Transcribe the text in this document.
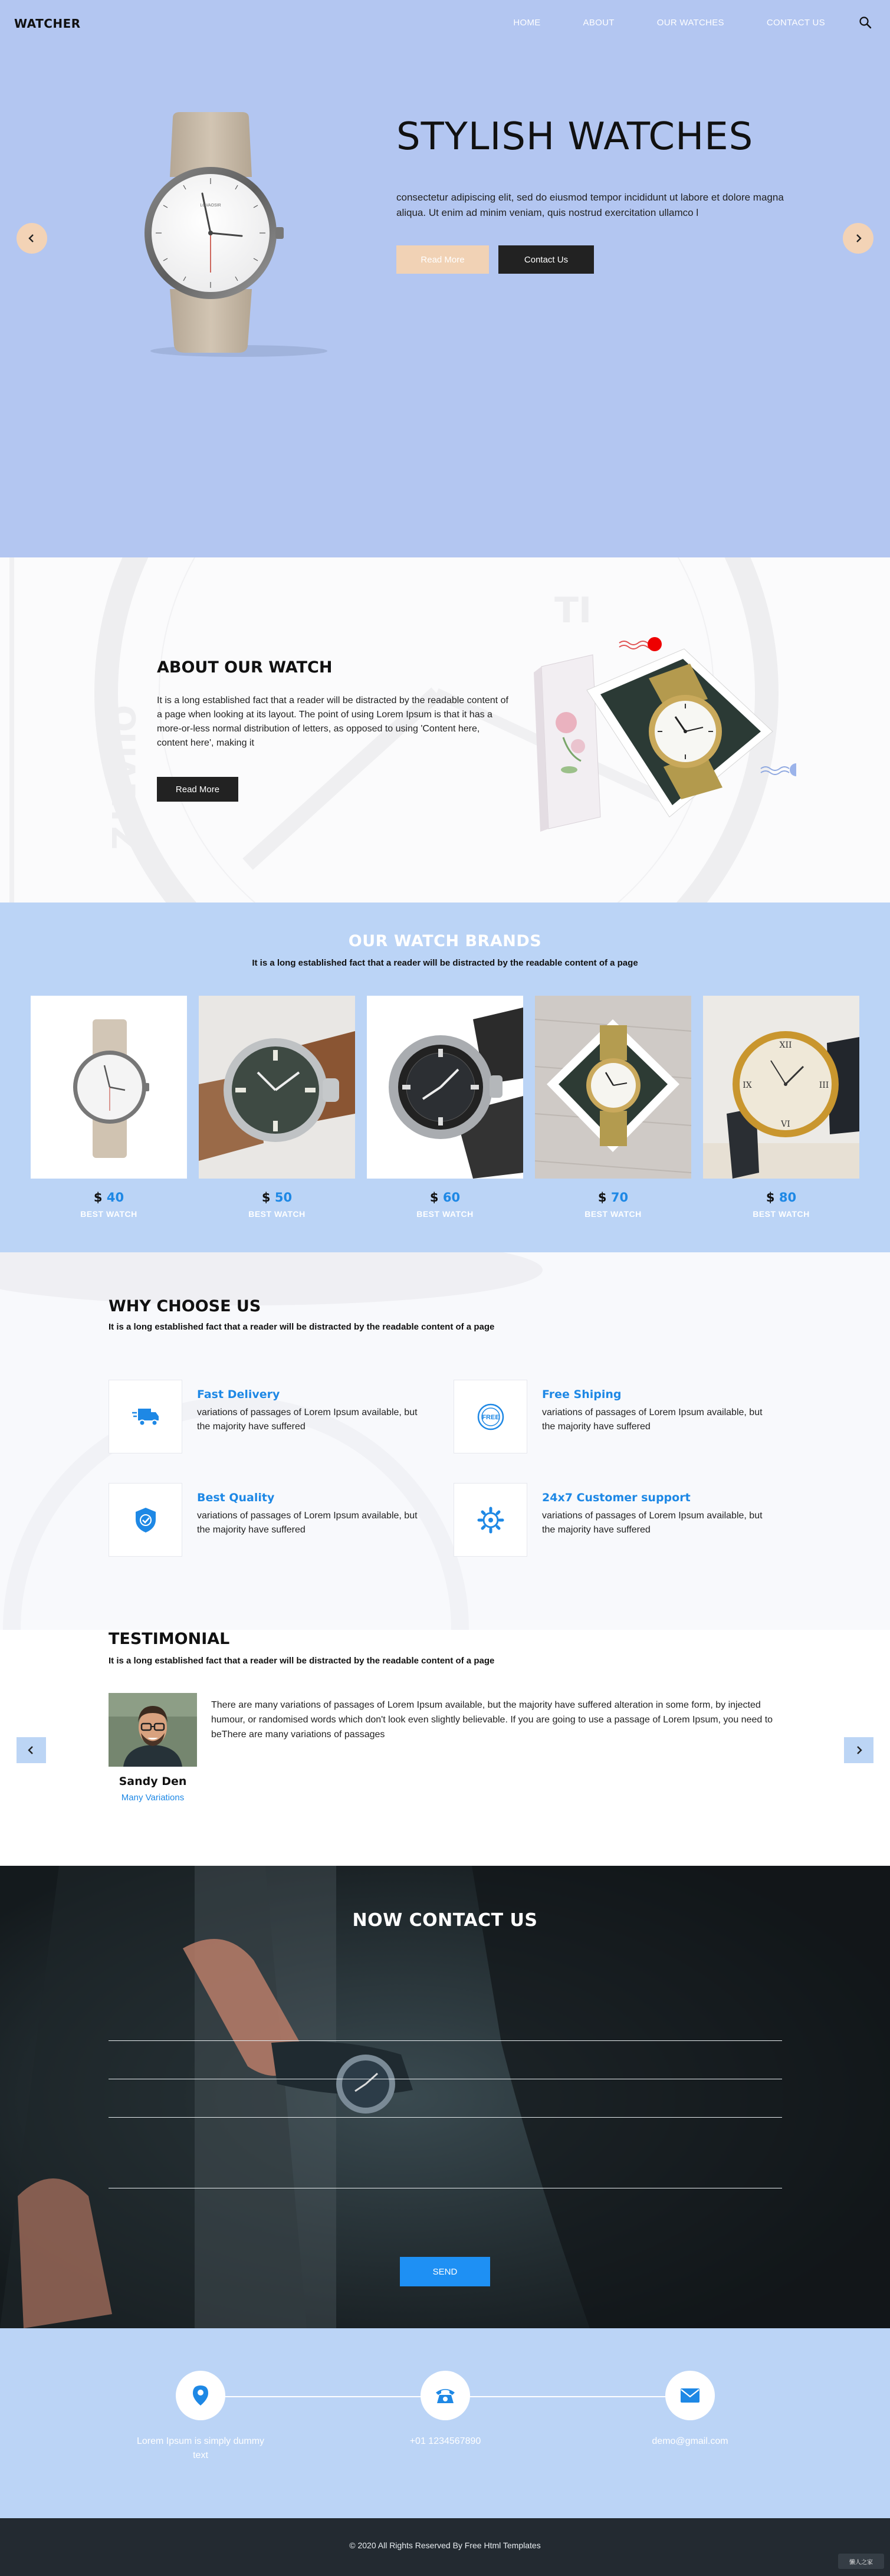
WATCHER	HOME	ABOUT	OUR WATCHES	CONTACT US
LOVAOSIR
STYLISH WATCHES

consectetur adipiscing elit, sed do eiusmod tempor incididunt ut labore et dolore magna aliqua. Ut enim ad minim veniam, quis nostrud exercitation ullamco l

Read More	Contact Us
QUARTZ
TI
ABOUT OUR WATCH

It is a long established fact that a reader will be distracted by the readable content of a page when looking at its layout. The point of using Lorem Ipsum is that it has a more-or-less normal distribution of letters, as opposed to using 'Content here, content here', making it

Read More
OUR WATCH BRANDS

It is a long established fact that a reader will be distracted by the readable content of a page

$ 40
BEST WATCH
$ 50
BEST WATCH
$ 60
BEST WATCH
$ 70
BEST WATCH
XII
VI
IX	III
$ 80
BEST WATCH
WHY CHOOSE US

It is a long established fact that a reader will be distracted by the readable content of a page

Fast Delivery
variations of passages of Lorem Ipsum available, but the majority have suffered
FREE
Free Shiping
variations of passages of Lorem Ipsum available, but the majority have suffered
Best Quality
variations of passages of Lorem Ipsum available, but the majority have suffered
24x7 Customer support
variations of passages of Lorem Ipsum available, but the majority have suffered
TESTIMONIAL

It is a long established fact that a reader will be distracted by the readable content of a page

Sandy Den
Many Variations

There are many variations of passages of Lorem Ipsum available, but the majority have suffered alteration in some form, by injected humour, or randomised words which don't look even slightly believable. If you are going to use a passage of Lorem Ipsum, you need to beThere are many variations of passages

NOW CONTACT US
SEND
Lorem Ipsum is simply dummy text
+01 1234567890	demo@gmail.com
© 2020 All Rights Reserved By Free Html Templates
懒人之家
